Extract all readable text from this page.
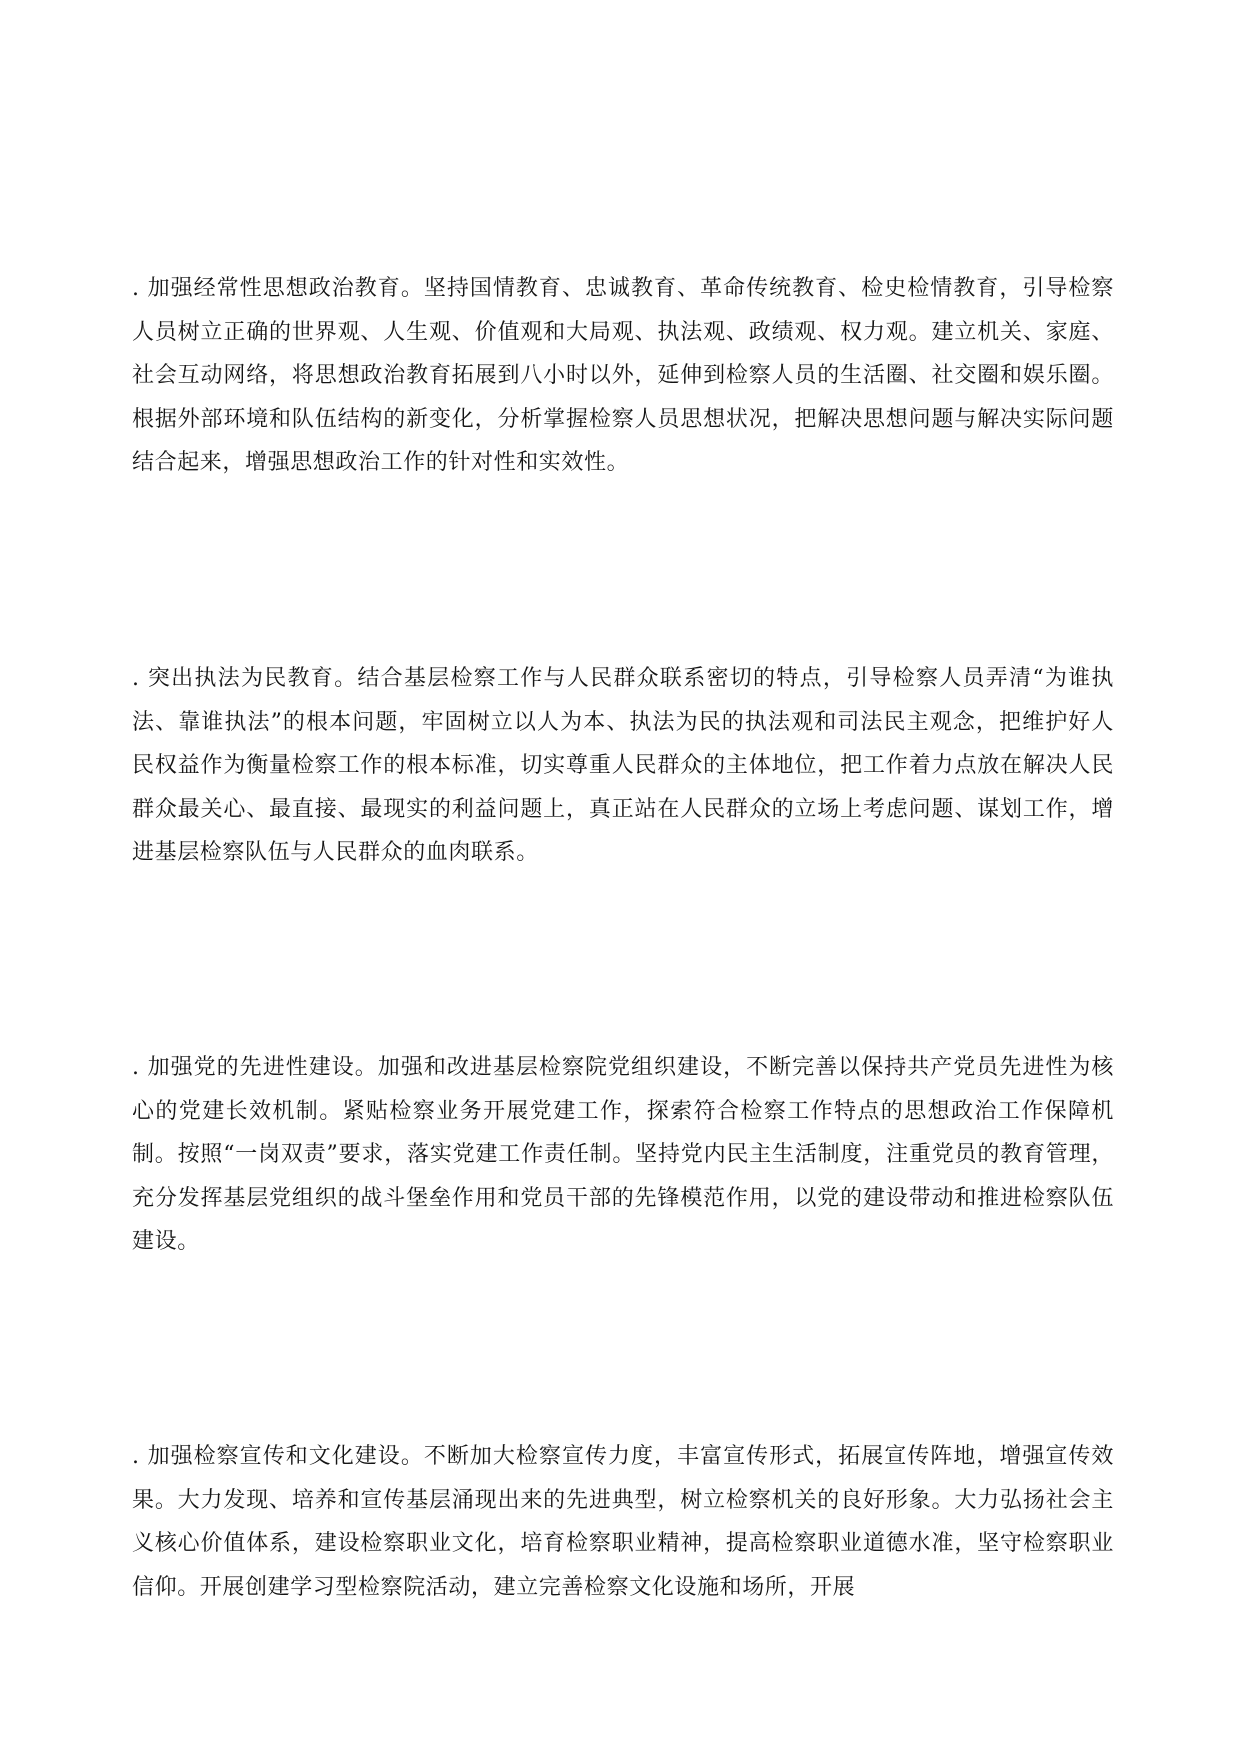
. 加强经常性思想政治教育。坚持国情教育、忠诚教育、革命传统教育、检史检情教育，引导检察人员树立正确的世界观、人生观、价值观和大局观、执法观、政绩观、权力观。建立机关、家庭、社会互动网络，将思想政治教育拓展到八小时以外，延伸到检察人员的生活圈、社交圈和娱乐圈。根据外部环境和队伍结构的新变化，分析掌握检察人员思想状况，把解决思想问题与解决实际问题结合起来，增强思想政治工作的针对性和实效性。

. 突出执法为民教育。结合基层检察工作与人民群众联系密切的特点，引导检察人员弄清“为谁执法、靠谁执法”的根本问题，牢固树立以人为本、执法为民的执法观和司法民主观念，把维护好人民权益作为衡量检察工作的根本标准，切实尊重人民群众的主体地位，把工作着力点放在解决人民群众最关心、最直接、最现实的利益问题上，真正站在人民群众的立场上考虑问题、谋划工作，增进基层检察队伍与人民群众的血肉联系。

. 加强党的先进性建设。加强和改进基层检察院党组织建设，不断完善以保持共产党员先进性为核心的党建长效机制。紧贴检察业务开展党建工作，探索符合检察工作特点的思想政治工作保障机制。按照“一岗双责”要求，落实党建工作责任制。坚持党内民主生活制度，注重党员的教育管理，充分发挥基层党组织的战斗堡垒作用和党员干部的先锋模范作用，以党的建设带动和推进检察队伍建设。

. 加强检察宣传和文化建设。不断加大检察宣传力度，丰富宣传形式，拓展宣传阵地，增强宣传效果。大力发现、培养和宣传基层涌现出来的先进典型，树立检察机关的良好形象。大力弘扬社会主义核心价值体系，建设检察职业文化，培育检察职业精神，提高检察职业道德水准，坚守检察职业信仰。开展创建学习型检察院活动，建立完善检察文化设施和场所，开展
